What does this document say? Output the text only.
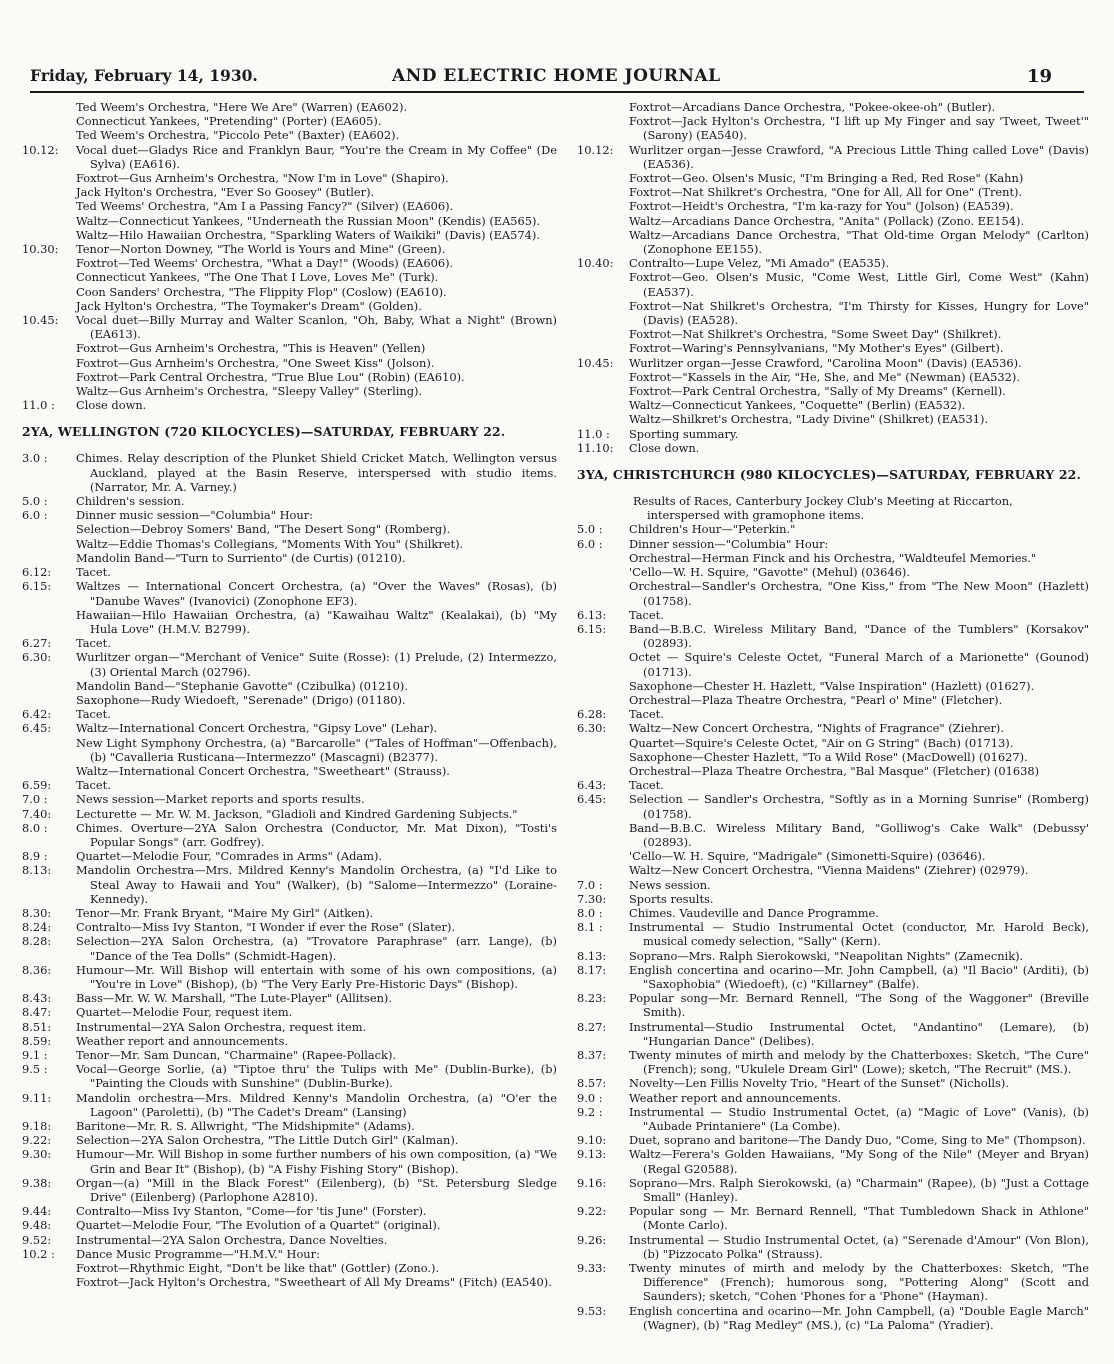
Friday, February 14, 1930.	AND ELECTRIC HOME JOURNAL	19
Ted Weem's Orchestra, "Here We Are" (Warren) (EA602).
Connecticut Yankees, "Pretending" (Porter) (EA605).
Ted Weem's Orchestra, "Piccolo Pete" (Baxter) (EA602).
10.12:	Vocal duet—Gladys Rice and Franklyn Baur, "You're the Cream in My Coffee" (De Sylva) (EA616).
Foxtrot—Gus Arnheim's Orchestra, "Now I'm in Love" (Shapiro).
Jack Hylton's Orchestra, "Ever So Goosey" (Butler).
Ted Weems' Orchestra, "Am I a Passing Fancy?" (Silver) (EA606).
Waltz—Connecticut Yankees, "Underneath the Russian Moon" (Kendis) (EA565).
Waltz—Hilo Hawaiian Orchestra, "Sparkling Waters of Waikiki" (Davis) (EA574).
10.30:	Tenor—Norton Downey, "The World is Yours and Mine" (Green).
Foxtrot—Ted Weems' Orchestra, "What a Day!" (Woods) (EA606).
Connecticut Yankees, "The One That I Love, Loves Me" (Turk).
Coon Sanders' Orchestra, "The Flippity Flop" (Coslow) (EA610).
Jack Hylton's Orchestra, "The Toymaker's Dream" (Golden).
10.45:	Vocal duet—Billy Murray and Walter Scanlon, "Oh, Baby, What a Night" (Brown) (EA613).
Foxtrot—Gus Arnheim's Orchestra, "This is Heaven" (Yellen)
Foxtrot—Gus Arnheim's Orchestra, "One Sweet Kiss" (Jolson).
Foxtrot—Park Central Orchestra, "True Blue Lou" (Robin) (EA610).
Waltz—Gus Arnheim's Orchestra, "Sleepy Valley" (Sterling).
11.0 :	Close down.
2YA, WELLINGTON (720 KILOCYCLES)—SATURDAY, FEBRUARY 22.
3.0 :	Chimes. Relay description of the Plunket Shield Cricket Match, Wellington versus Auckland, played at the Basin Reserve, interspersed with studio items. (Narrator, Mr. A. Varney.)
5.0 :	Children's session.
6.0 :	Dinner music session—"Columbia" Hour:
Selection—Debroy Somers' Band, "The Desert Song" (Romberg).
Waltz—Eddie Thomas's Collegians, "Moments With You" (Shilkret).
Mandolin Band—"Turn to Surriento" (de Curtis) (01210).
6.12:	Tacet.
6.15:	Waltzes — International Concert Orchestra, (a) "Over the Waves" (Rosas), (b) "Danube Waves" (Ivanovici) (Zonophone EF3).
Hawaiian—Hilo Hawaiian Orchestra, (a) "Kawaihau Waltz" (Kealakai), (b) "My Hula Love" (H.M.V. B2799).
6.27:	Tacet.
6.30:	Wurlitzer organ—"Merchant of Venice" Suite (Rosse): (1) Prelude, (2) Intermezzo, (3) Oriental March (02796).
Mandolin Band—"Stephanie Gavotte" (Czibulka) (01210).
Saxophone—Rudy Wiedoeft, "Serenade" (Drigo) (01180).
6.42:	Tacet.
6.45:	Waltz—International Concert Orchestra, "Gipsy Love" (Lehar).
New Light Symphony Orchestra, (a) "Barcarolle" ("Tales of Hoffman"—Offenbach), (b) "Cavalleria Rusticana—Intermezzo" (Mascagni) (B2377).
Waltz—International Concert Orchestra, "Sweetheart" (Strauss).
6.59:	Tacet.
7.0 :	News session—Market reports and sports results.
7.40:	Lecturette — Mr. W. M. Jackson, "Gladioli and Kindred Gardening Subjects."
8.0 :	Chimes. Overture—2YA Salon Orchestra (Conductor, Mr. Mat Dixon), "Tosti's Popular Songs" (arr. Godfrey).
8.9 :	Quartet—Melodie Four, "Comrades in Arms" (Adam).
8.13:	Mandolin Orchestra—Mrs. Mildred Kenny's Mandolin Orchestra, (a) "I'd Like to Steal Away to Hawaii and You" (Walker), (b) "Salome—Intermezzo" (Loraine-Kennedy).
8.30:	Tenor—Mr. Frank Bryant, "Maire My Girl" (Aitken).
8.24:	Contralto—Miss Ivy Stanton, "I Wonder if ever the Rose" (Slater).
8.28:	Selection—2YA Salon Orchestra, (a) "Trovatore Paraphrase" (arr. Lange), (b) "Dance of the Tea Dolls" (Schmidt-Hagen).
8.36:	Humour—Mr. Will Bishop will entertain with some of his own compositions, (a) "You're in Love" (Bishop), (b) "The Very Early Pre-Historic Days" (Bishop).
8.43:	Bass—Mr. W. W. Marshall, "The Lute-Player" (Allitsen).
8.47:	Quartet—Melodie Four, request item.
8.51:	Instrumental—2YA Salon Orchestra, request item.
8.59:	Weather report and announcements.
9.1 :	Tenor—Mr. Sam Duncan, "Charmaine" (Rapee-Pollack).
9.5 :	Vocal—George Sorlie, (a) "Tiptoe thru' the Tulips with Me" (Dublin-Burke), (b) "Painting the Clouds with Sunshine" (Dublin-Burke).
9.11:	Mandolin orchestra—Mrs. Mildred Kenny's Mandolin Orchestra, (a) "O'er the Lagoon" (Paroletti), (b) "The Cadet's Dream" (Lansing)
9.18:	Baritone—Mr. R. S. Allwright, "The Midshipmite" (Adams).
9.22:	Selection—2YA Salon Orchestra, "The Little Dutch Girl" (Kalman).
9.30:	Humour—Mr. Will Bishop in some further numbers of his own composition, (a) "We Grin and Bear It" (Bishop), (b) "A Fishy Fishing Story" (Bishop).
9.38:	Organ—(a) "Mill in the Black Forest" (Eilenberg), (b) "St. Petersburg Sledge Drive" (Eilenberg) (Parlophone A2810).
9.44:	Contralto—Miss Ivy Stanton, "Come—for 'tis June" (Forster).
9.48:	Quartet—Melodie Four, "The Evolution of a Quartet" (original).
9.52:	Instrumental—2YA Salon Orchestra, Dance Novelties.
10.2 :	Dance Music Programme—"H.M.V." Hour:
Foxtrot—Rhythmic Eight, "Don't be like that" (Gottler) (Zono.).
Foxtrot—Jack Hylton's Orchestra, "Sweetheart of All My Dreams" (Fitch) (EA540).
Foxtrot—Arcadians Dance Orchestra, "Pokee-okee-oh" (Butler).
Foxtrot—Jack Hylton's Orchestra, "I lift up My Finger and say 'Tweet, Tweet'" (Sarony) (EA540).
10.12:	Wurlitzer organ—Jesse Crawford, "A Precious Little Thing called Love" (Davis) (EA536).
Foxtrot—Geo. Olsen's Music, "I'm Bringing a Red, Red Rose" (Kahn)
Foxtrot—Nat Shilkret's Orchestra, "One for All, All for One" (Trent).
Foxtrot—Heidt's Orchestra, "I'm ka-razy for You" (Jolson) (EA539).
Waltz—Arcadians Dance Orchestra, "Anita" (Pollack) (Zono. EE154).
Waltz—Arcadians Dance Orchestra, "That Old-time Organ Melody" (Carlton) (Zonophone EE155).
10.40:	Contralto—Lupe Velez, "Mi Amado" (EA535).
Foxtrot—Geo. Olsen's Music, "Come West, Little Girl, Come West" (Kahn) (EA537).
Foxtrot—Nat Shilkret's Orchestra, "I'm Thirsty for Kisses, Hungry for Love" (Davis) (EA528).
Foxtrot—Nat Shilkret's Orchestra, "Some Sweet Day" (Shilkret).
Foxtrot—Waring's Pennsylvanians, "My Mother's Eyes" (Gilbert).
10.45:	Wurlitzer organ—Jesse Crawford, "Carolina Moon" (Davis) (EA536).
Foxtrot—"Kassels in the Air, "He, She, and Me" (Newman) (EA532).
Foxtrot—Park Central Orchestra, "Sally of My Dreams" (Kernell).
Waltz—Connecticut Yankees, "Coquette" (Berlin) (EA532).
Waltz—Shilkret's Orchestra, "Lady Divine" (Shilkret) (EA531).
11.0 :	Sporting summary.
11.10:	Close down.
3YA, CHRISTCHURCH (980 KILOCYCLES)—SATURDAY, FEBRUARY 22.
Results of Races, Canterbury Jockey Club's Meeting at Riccarton, interspersed with gramophone items.
5.0 :	Children's Hour—"Peterkin."
6.0 :	Dinner session—"Columbia" Hour:
Orchestral—Herman Finck and his Orchestra, "Waldteufel Memories."
'Cello—W. H. Squire, "Gavotte" (Mehul) (03646).
Orchestral—Sandler's Orchestra, "One Kiss," from "The New Moon" (Hazlett) (01758).
6.13:	Tacet.
6.15:	Band—B.B.C. Wireless Military Band, "Dance of the Tumblers" (Korsakov" (02893).
Octet — Squire's Celeste Octet, "Funeral March of a Marionette" (Gounod) (01713).
Saxophone—Chester H. Hazlett, "Valse Inspiration" (Hazlett) (01627).
Orchestral—Plaza Theatre Orchestra, "Pearl o' Mine" (Fletcher).
6.28:	Tacet.
6.30:	Waltz—New Concert Orchestra, "Nights of Fragrance" (Ziehrer).
Quartet—Squire's Celeste Octet, "Air on G String" (Bach) (01713).
Saxophone—Chester Hazlett, "To a Wild Rose" (MacDowell) (01627).
Orchestral—Plaza Theatre Orchestra, "Bal Masque" (Fletcher) (01638)
6.43:	Tacet.
6.45:	Selection — Sandler's Orchestra, "Softly as in a Morning Sunrise" (Romberg) (01758).
Band—B.B.C. Wireless Military Band, "Golliwog's Cake Walk" (Debussy' (02893).
'Cello—W. H. Squire, "Madrigale" (Simonetti-Squire) (03646).
Waltz—New Concert Orchestra, "Vienna Maidens" (Ziehrer) (02979).
7.0 :	News session.
7.30:	Sports results.
8.0 :	Chimes. Vaudeville and Dance Programme.
8.1 :	Instrumental — Studio Instrumental Octet (conductor, Mr. Harold Beck), musical comedy selection, "Sally" (Kern).
8.13:	Soprano—Mrs. Ralph Sierokowski, "Neapolitan Nights" (Zamecnik).
8.17:	English concertina and ocarino—Mr. John Campbell, (a) "Il Bacio" (Arditi), (b) "Saxophobia" (Wiedoeft), (c) "Killarney" (Balfe).
8.23:	Popular song—Mr. Bernard Rennell, "The Song of the Waggoner" (Breville Smith).
8.27:	Instrumental—Studio Instrumental Octet, "Andantino" (Lemare), (b) "Hungarian Dance" (Delibes).
8.37:	Twenty minutes of mirth and melody by the Chatterboxes: Sketch, "The Cure" (French); song, "Ukulele Dream Girl" (Lowe); sketch, "The Recruit" (MS.).
8.57:	Novelty—Len Fillis Novelty Trio, "Heart of the Sunset" (Nicholls).
9.0 :	Weather report and announcements.
9.2 :	Instrumental — Studio Instrumental Octet, (a) "Magic of Love" (Vanis), (b) "Aubade Printaniere" (La Combe).
9.10:	Duet, soprano and baritone—The Dandy Duo, "Come, Sing to Me" (Thompson).
9.13:	Waltz—Ferera's Golden Hawaiians, "My Song of the Nile" (Meyer and Bryan) (Regal G20588).
9.16:	Soprano—Mrs. Ralph Sierokowski, (a) "Charmain" (Rapee), (b) "Just a Cottage Small" (Hanley).
9.22:	Popular song — Mr. Bernard Rennell, "That Tumbledown Shack in Athlone" (Monte Carlo).
9.26:	Instrumental — Studio Instrumental Octet, (a) "Serenade d'Amour" (Von Blon), (b) "Pizzocato Polka" (Strauss).
9.33:	Twenty minutes of mirth and melody by the Chatterboxes: Sketch, "The Difference" (French); humorous song, "Pottering Along" (Scott and Saunders); sketch, "Cohen 'Phones for a 'Phone" (Hayman).
9.53:	English concertina and ocarino—Mr. John Campbell, (a) "Double Eagle March" (Wagner), (b) "Rag Medley" (MS.), (c) "La Paloma" (Yradier).
